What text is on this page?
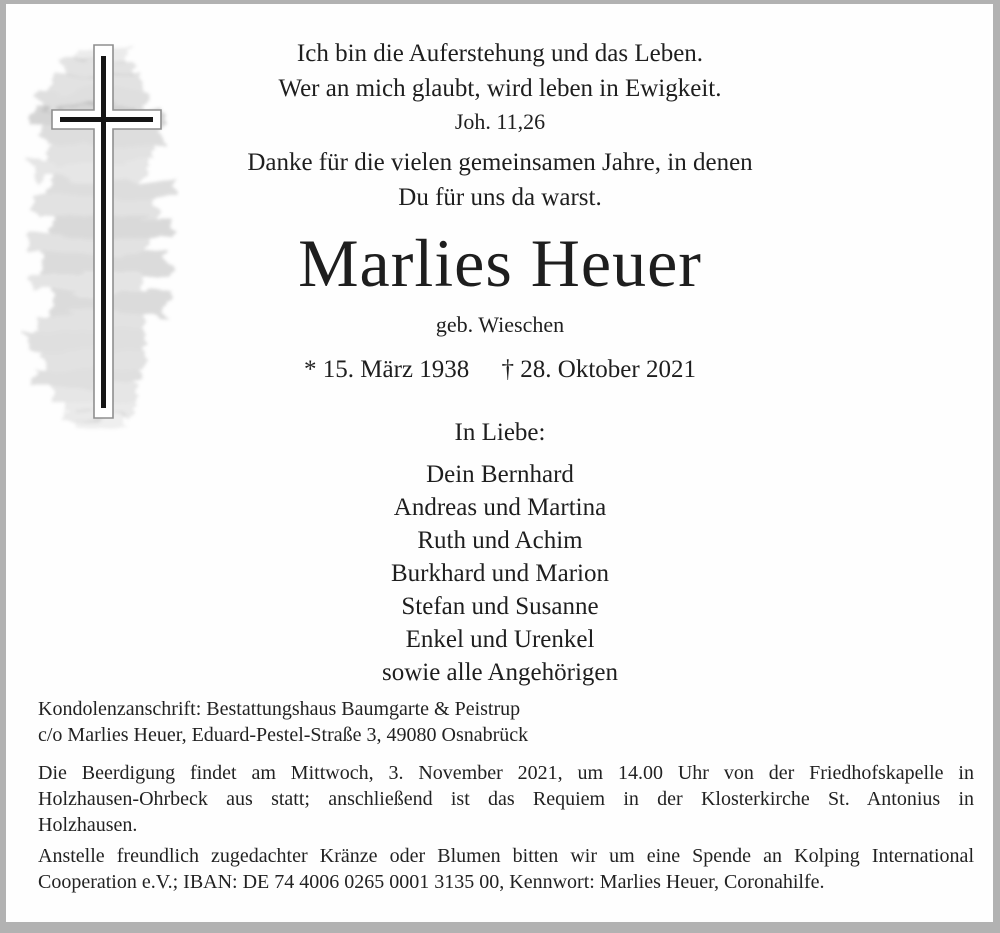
Ich bin die Auferstehung und das Leben.
Wer an mich glaubt, wird leben in Ewigkeit.
Joh. 11,26
Danke für die vielen gemeinsamen Jahre, in denen
Du für uns da warst.
Marlies Heuer
geb. Wieschen
* 15. März 1938 † 28. Oktober 2021
In Liebe:
Dein Bernhard
Andreas und Martina
Ruth und Achim
Burkhard und Marion
Stefan und Susanne
Enkel und Urenkel
sowie alle Angehörigen
Kondolenzanschrift: Bestattungshaus Baumgarte & Peistrup
c/o Marlies Heuer, Eduard-Pestel-Straße 3, 49080 Osnabrück
Die Beerdigung findet am Mittwoch, 3. November 2021, um 14.00 Uhr von der Friedhofskapelle in
Holzhausen-Ohrbeck aus statt; anschließend ist das Requiem in der Klosterkirche St. Antonius in
Holzhausen.
Anstelle freundlich zugedachter Kränze oder Blumen bitten wir um eine Spende an Kolping International
Cooperation e.V.; IBAN: DE 74 4006 0265 0001 3135 00, Kennwort: Marlies Heuer, Coronahilfe.
